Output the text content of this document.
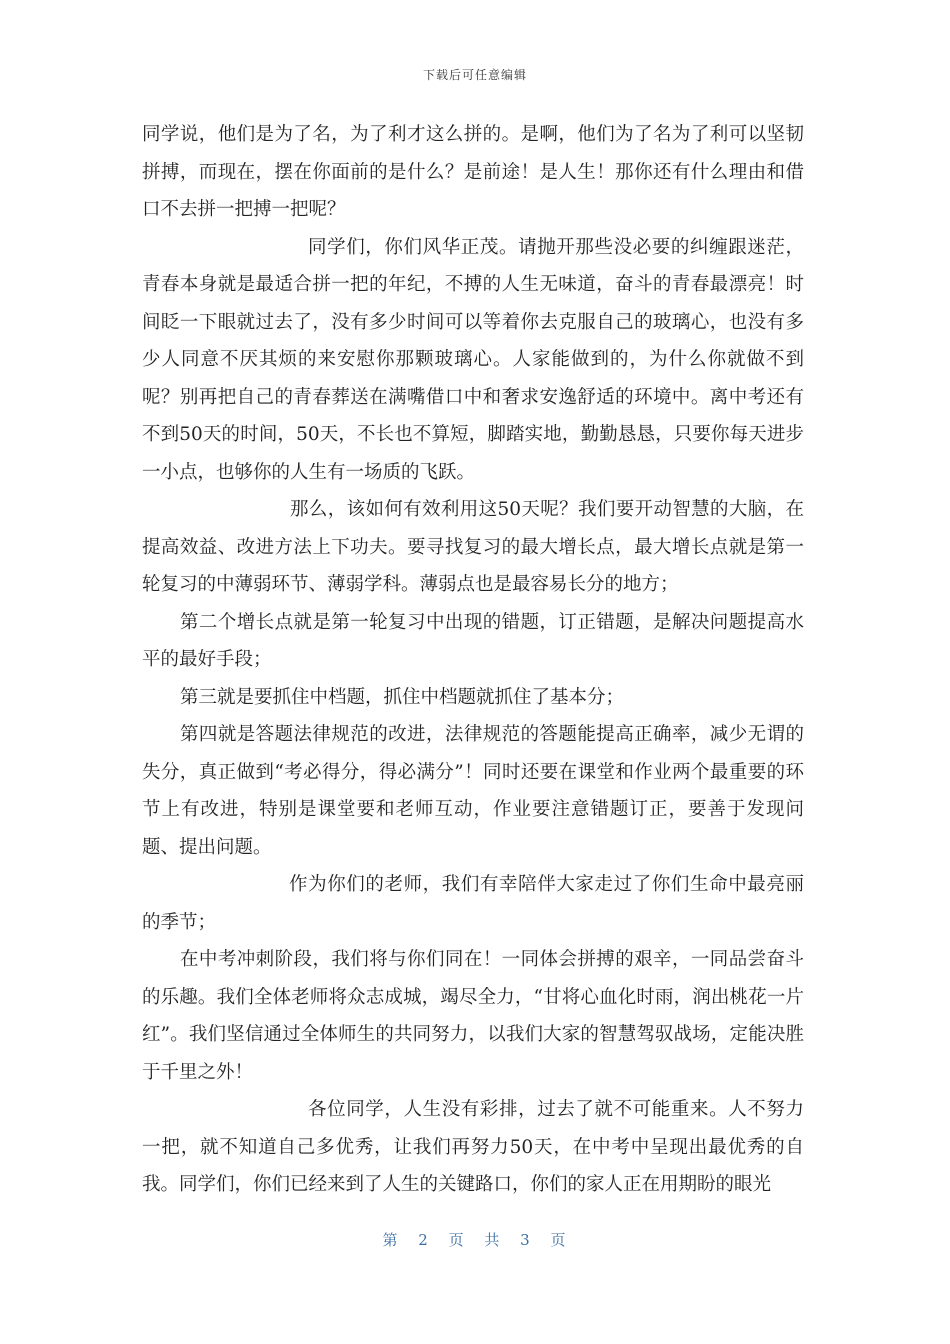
下载后可任意编辑

同学说，他们是为了名，为了利才这么拼的。是啊，他们为了名为了利可以坚韧拼搏，而现在，摆在你面前的是什么？是前途！是人生！那你还有什么理由和借口不去拼一把搏一把呢？

同学们，你们风华正茂。请抛开那些没必要的纠缠跟迷茫，青春本身就是最适合拼一把的年纪，不搏的人生无味道，奋斗的青春最漂亮！时间眨一下眼就过去了，没有多少时间可以等着你去克服自己的玻璃心，也没有多少人同意不厌其烦的来安慰你那颗玻璃心。人家能做到的，为什么你就做不到呢？别再把自己的青春葬送在满嘴借口中和奢求安逸舒适的环境中。离中考还有不到50天的时间，50天，不长也不算短，脚踏实地，勤勤恳恳，只要你每天进步一小点，也够你的人生有一场质的飞跃。

那么，该如何有效利用这50天呢？我们要开动智慧的大脑，在提高效益、改进方法上下功夫。要寻找复习的最大增长点，最大增长点就是第一轮复习的中薄弱环节、薄弱学科。薄弱点也是最容易长分的地方；

第二个增长点就是第一轮复习中出现的错题，订正错题，是解决问题提高水平的最好手段；

第三就是要抓住中档题，抓住中档题就抓住了基本分；

第四就是答题法律规范的改进，法律规范的答题能提高正确率，减少无谓的失分，真正做到“考必得分，得必满分”！同时还要在课堂和作业两个最重要的环节上有改进，特别是课堂要和老师互动，作业要注意错题订正，要善于发现问题、提出问题。

作为你们的老师，我们有幸陪伴大家走过了你们生命中最亮丽的季节；

在中考冲刺阶段，我们将与你们同在！一同体会拼搏的艰辛，一同品尝奋斗的乐趣。我们全体老师将众志成城，竭尽全力，“甘将心血化时雨，润出桃花一片红”。我们坚信通过全体师生的共同努力，以我们大家的智慧驾驭战场，定能决胜于千里之外！

各位同学，人生没有彩排，过去了就不可能重来。人不努力一把，就不知道自己多优秀，让我们再努力50天，在中考中呈现出最优秀的自我。同学们，你们已经来到了人生的关键路口，你们的家人正在用期盼的眼光

第 2 页 共 3 页
